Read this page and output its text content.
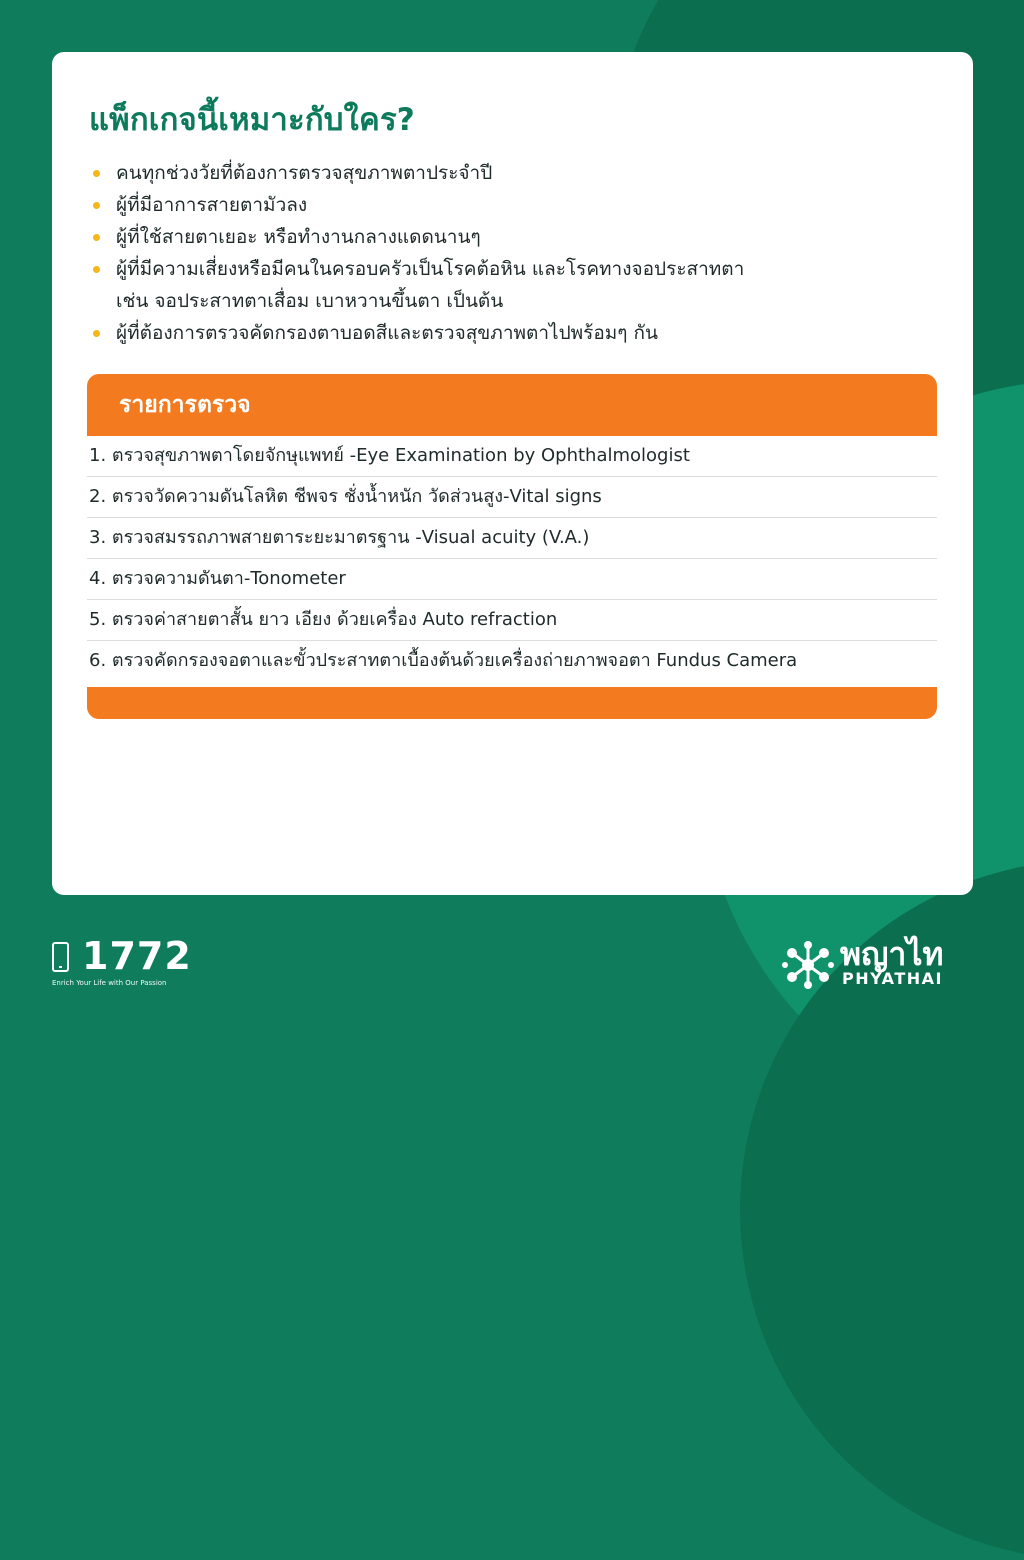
แพ็กเกจนี้เหมาะกับใคร?
คนทุกช่วงวัยที่ต้องการตรวจสุขภาพตาประจำปี
ผู้ที่มีอาการสายตามัวลง
ผู้ที่ใช้สายตาเยอะ หรือทำงานกลางแดดนานๆ
ผู้ที่มีความเสี่ยงหรือมีคนในครอบครัวเป็นโรคต้อหิน และโรคทางจอประสาทตา
เช่น จอประสาทตาเสื่อม เบาหวานขึ้นตา เป็นต้น
ผู้ที่ต้องการตรวจคัดกรองตาบอดสีและตรวจสุขภาพตาไปพร้อมๆ กัน
รายการตรวจ
1. ตรวจสุขภาพตาโดยจักษุแพทย์ -Eye Examination by Ophthalmologist
2. ตรวจวัดความดันโลหิต ชีพจร ชั่งน้ำหนัก วัดส่วนสูง-Vital signs
3. ตรวจสมรรถภาพสายตาระยะมาตรฐาน -Visual acuity (V.A.)
4. ตรวจความดันตา-Tonometer
5. ตรวจค่าสายตาสั้น ยาว เอียง ด้วยเครื่อง Auto refraction
6. ตรวจคัดกรองจอตาและขั้วประสาทตาเบื้องต้นด้วยเครื่องถ่ายภาพจอตา Fundus Camera
1772
Enrich Your Life with Our Passion
พญาไท
PHYATHAI
